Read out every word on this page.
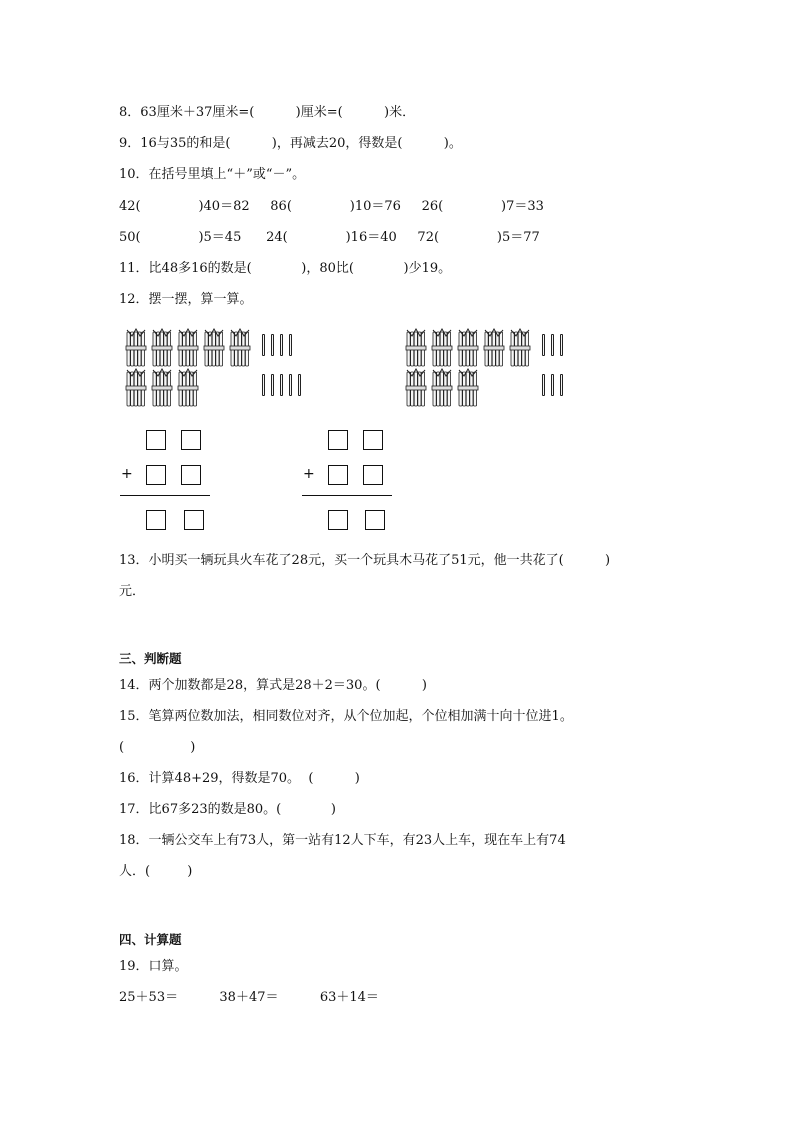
8．63厘米＋37厘米=(          )厘米=(          )米．
9．16与35的和是(          )，再减去20，得数是(          )。
10．在括号里填上“＋”或“－”。
42(              )40＝82     86(              )10＝76     26(              )7＝33
50(              )5＝45      24(              )16＝40     72(              )5＝77
11．比48多16的数是(            )，80比(            )少19。
12．摆一摆，算一算。
+	+
13．小明买一辆玩具火车花了28元，买一个玩具木马花了51元，他一共花了(          )
元．
三、判断题
14．两个加数都是28，算式是28＋2＝30。(          )
15．笔算两位数加法，相同数位对齐，从个位加起，个位相加满十向十位进1。
(                )
16．计算48+29，得数是70。  (          )
17．比67多23的数是80。(            )
18．一辆公交车上有73人，第一站有12人下车，有23人上车，现在车上有74
人．(         )
四、计算题
19．口算。
25＋53＝          38＋47＝          63＋14＝
